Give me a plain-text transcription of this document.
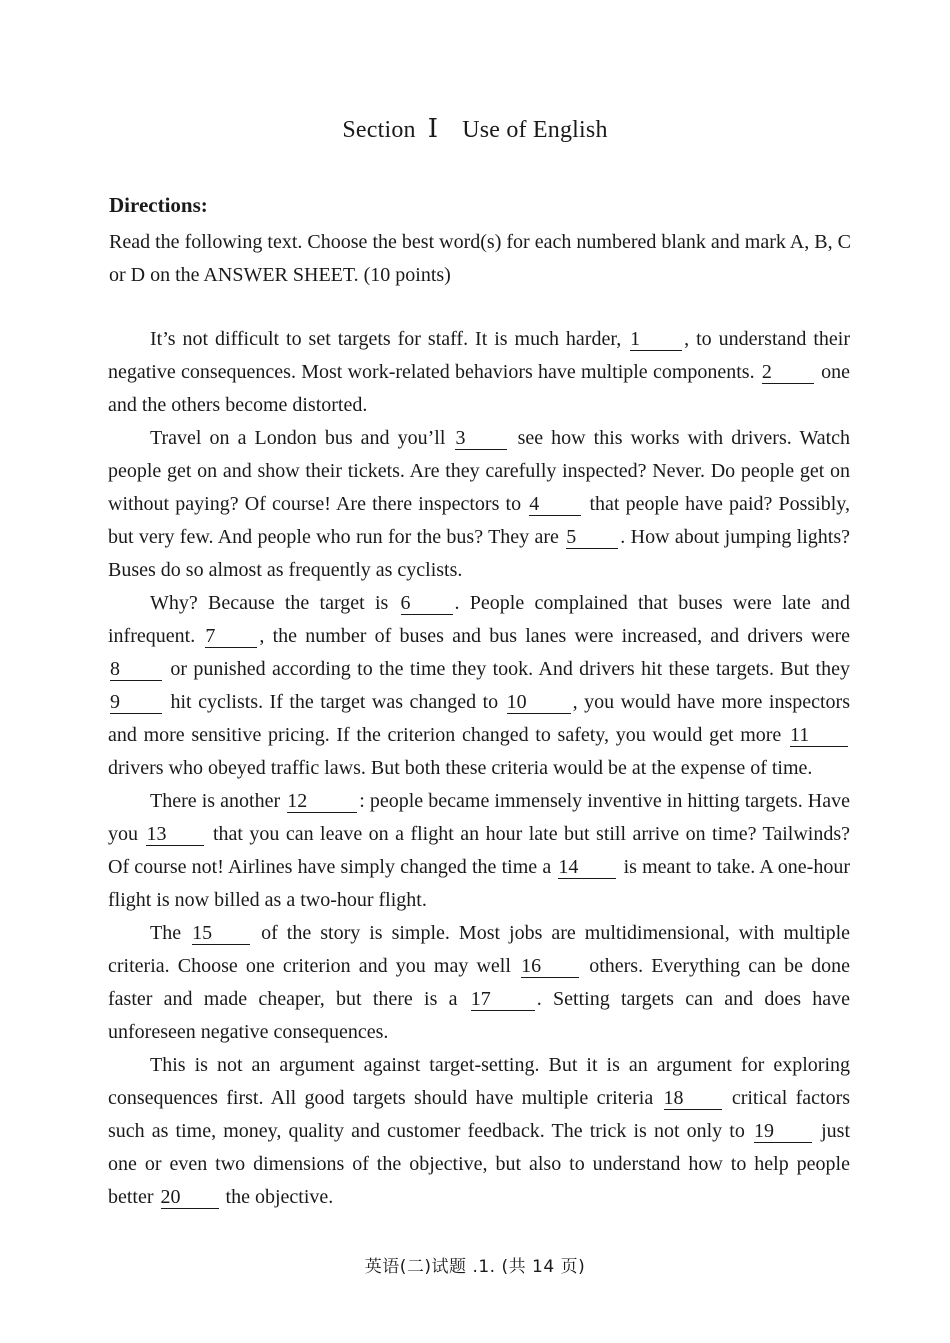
Section Ⅰ Use of English
Directions:
Read the following text. Choose the best word(s) for each numbered blank and mark A, B, C or D on the ANSWER SHEET. (10 points)

It’s not difficult to set targets for staff. It is much harder, 1 , to understand their negative consequences. Most work-related behaviors have multiple components. 2 one and the others become distorted.

Travel on a London bus and you’ll 3	see how this works with drivers. Watch people get on and show their tickets. Are they carefully inspected? Never. Do people get on without paying? Of course! Are there inspectors to 4	that people have paid? Possibly, but very few. And people who run for the bus? They are 5 . How about jumping lights? Buses do so almost as frequently as cyclists.

Why? Because the target is 6 . People complained that buses were late and infrequent. 7 , the number of buses and bus lanes were increased, and drivers were 8	or punished according to the time they took. And drivers hit these targets. But they 9	hit cyclists. If the target was changed to 10 , you would have more inspectors and more sensitive pricing. If the criterion changed to safety, you would get more 11 drivers who obeyed traffic laws. But both these criteria would be at the expense of time.

There is another 12	: people became immensely inventive in hitting targets. Have you 13 that you can leave on a flight an hour late but still arrive on time? Tailwinds? Of course not! Airlines have simply changed the time a 14 is meant to take. A one-hour flight is now billed as a two-hour flight.

The 15 of the story is simple. Most jobs are multidimensional, with multiple criteria. Choose one criterion and you may well 16 others. Everything can be done faster and made cheaper, but there is a 17 . Setting targets can and does have unforeseen negative consequences.

This is not an argument against target-setting. But it is an argument for exploring consequences first. All good targets should have multiple criteria 18 critical factors such as time, money, quality and customer feedback. The trick is not only to 19 just one or even two dimensions of the objective, but also to understand how to help people better 20 the objective.

英语(二)试题 .1. (共 14 页)
